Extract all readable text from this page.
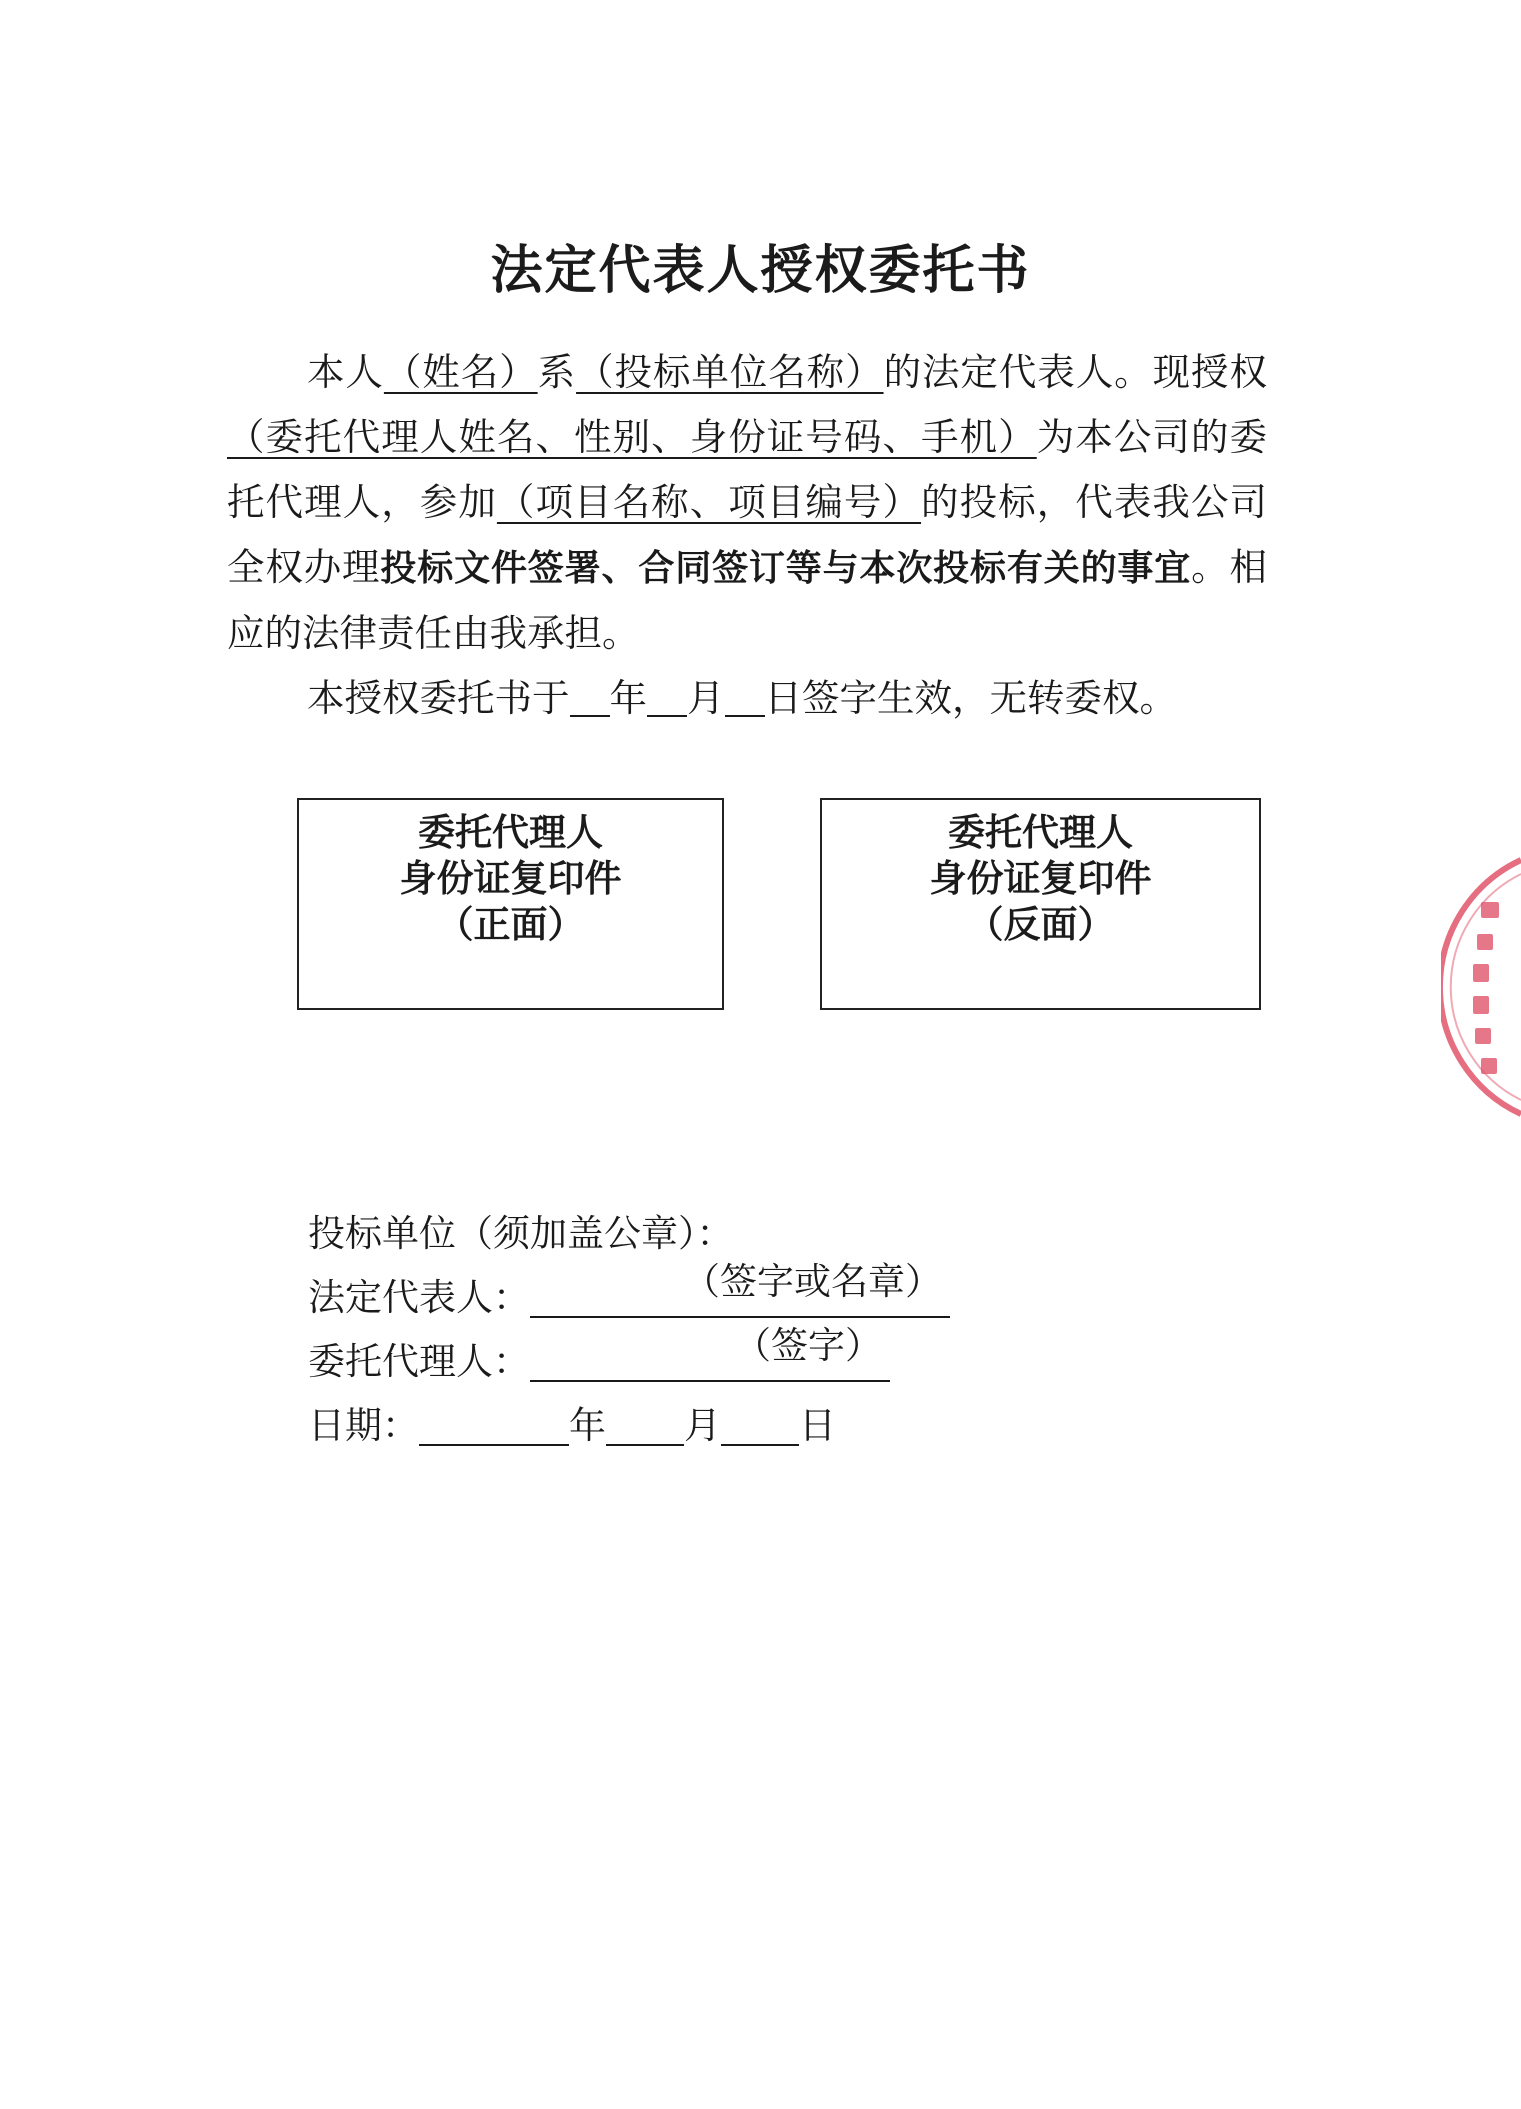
法定代表人授权委托书

本人（姓名）系（投标单位名称）的法定代表人。现授权（委托代理人姓名、性别、身份证号码、手机）为本公司的委托代理人，参加（项目名称、项目编号）的投标，代表我公司全权办理投标文件签署、合同签订等与本次投标有关的事宜。相应的法律责任由我承担。

本授权委托书于 年 月 日签字生效，无转委权。

委托代理人
身份证复印件
（正面）
委托代理人
身份证复印件
（反面）
投标单位（须加盖公章）：
法定代表人：	（签字或名章）
委托代理人：	（签字）
日期：	年 月 日
